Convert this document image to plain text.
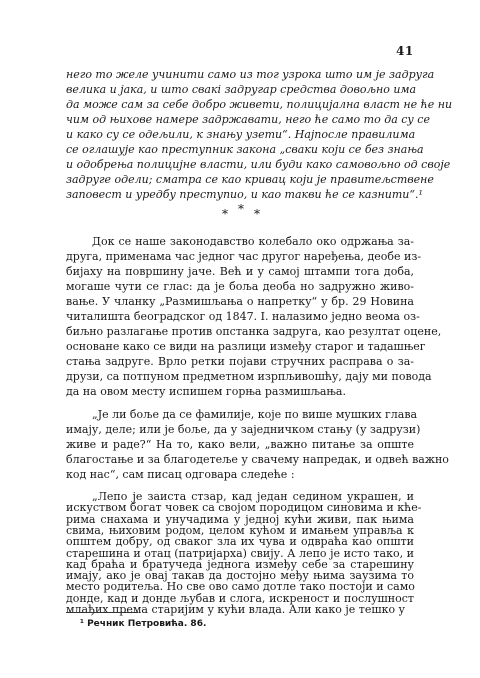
41
него то желе учинити само из тог узрока што им је задруга
велика и јака, и што свакi задругар средства довољно има
да може сам за себе добро живети, полицијална власт не ће ни
чим од њихове намере задржавати, него ће само то да су се
и како су се одељили, к знању узети“. Најпосле правилима
се оглашује као преступник закона „сваки који се без знања
и одобрења полицијне власти, или буди како самовољно од своје
задруге одели; сматра се као кривац који је правитељствене
заповест и уредбу преступио, и као такви ће се казнити“.¹
* * *
Док се наше законодавство колебало око одржања за-
друга, применама час једног час другог наређења, деобе из-
бијаху на површину јаче. Већ и у самој штампи тога доба,
могаше чути се глас: да је боља деоба но задружно живо-
вање. У чланку „Размишљања о напретку“ у бр. 29 Новина
читалишта београдског од 1847. I. налазимо једно веома оз-
биљно разлагање против опстанка задруга, као резултат оцене,
основане како се види на разлици између старог и тадашњег
стања задруге. Врло ретки појави стручних расправа о за-
друзи, са потпуном предметном изрпљивошћу, дају ми повода
да на овом месту испишем горња размишљања.
„Је ли боље да се фамилије, које по више мушких глава
имају, деле; или је боље, да у заједничком стању (у задрузи)
живе и раде?“ На то, како вели, „важно питање за опште
благостање и за благодетеље у свачему напредак, и одвећ важно
код нас“, сам писац одговара следеће :
„Лепо је заиста стзар, кад један седином украшен, и
искуством богат човек са својом породицом синовима и кће-
рима снахама и унучадима у једној кући живи, пак њима
свима, њиховим родом, целом кућом и имањем управља к
општем добру, од сваког зла их чува и одвраћа као општи
старешина и отац (патријарха) свију. А лепо је исто тако, и
кад браћа и братучеда једнога између себе за старешину
имају, ако је овај такав да достојно међу њима заузима то
место родитеља. Но све ово само дотле тако постоји и само
донде, кад и донде љубав и слога, искреност и послушност
млађих према старијим у кући влада. Али како је тешко у
¹ Речник Петровића. 86.
